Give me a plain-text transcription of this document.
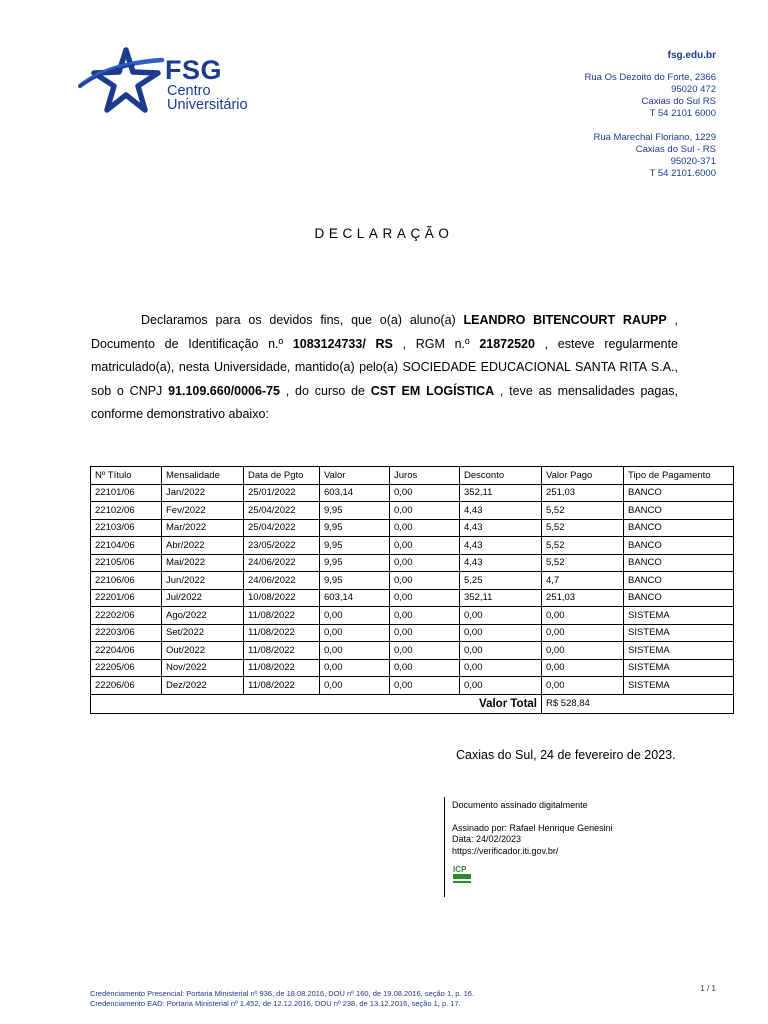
FSG
Centro
Universitário
fsg.edu.br
Rua Os Dezoito do Forte, 2366
95020 472
Caxias do Sul RS
T 54 2101 6000
Rua Marechal Floriano, 1229
Caxias do Sul - RS
95020-371
T 54 2101.6000
DECLARAÇÃO

Declaramos para os devidos fins, que o(a) aluno(a) LEANDRO BITENCOURT RAUPP , Documento de Identificação n.º 1083124733/ RS , RGM n.º 21872520 , esteve regularmente matriculado(a), nesta Universidade, mantido(a) pelo(a) SOCIEDADE EDUCACIONAL SANTA RITA S.A., sob o CNPJ 91.109.660/0006-75 , do curso de CST EM LOGÍSTICA , teve as mensalidades pagas, conforme demonstrativo abaixo:

Nº Título	Mensalidade	Data de Pgto	Valor	Juros	Desconto	Valor Pago	Tipo de Pagamento
22101/06	Jan/2022	25/01/2022	603,14	0,00	352,11	251,03	BANCO
22102/06	Fev/2022	25/04/2022	9,95	0,00	4,43	5,52	BANCO
22103/06	Mar/2022	25/04/2022	9,95	0,00	4,43	5,52	BANCO
22104/06	Abr/2022	23/05/2022	9,95	0,00	4,43	5,52	BANCO
22105/06	Mai/2022	24/06/2022	9,95	0,00	4,43	5,52	BANCO
22106/06	Jun/2022	24/06/2022	9,95	0,00	5,25	4,7	BANCO
22201/06	Jul/2022	10/08/2022	603,14	0,00	352,11	251,03	BANCO
22202/06	Ago/2022	11/08/2022	0,00	0,00	0,00	0,00	SISTEMA
22203/06	Set/2022	11/08/2022	0,00	0,00	0,00	0,00	SISTEMA
22204/06	Out/2022	11/08/2022	0,00	0,00	0,00	0,00	SISTEMA
22205/06	Nov/2022	11/08/2022	0,00	0,00	0,00	0,00	SISTEMA
22206/06	Dez/2022	11/08/2022	0,00	0,00	0,00	0,00	SISTEMA
Valor Total						R$ 528,84	
Caxias do Sul, 24 de fevereiro de 2023.
Documento assinado digitalmente
Assinado por: Rafael Henrique Genesini
Data: 24/02/2023
https://verificador.iti.gov.br/
ICP
Credenciamento Presencial: Portaria Ministerial nº 936, de 18.08.2016, DOU nº 160, de 19.08.2016, seção 1, p. 16.
Credenciamento EAD: Portaria Ministerial nº 1.452, de 12.12.2016, DOU nº 238, de 13.12.2016, seção 1, p. 17.
1 / 1
